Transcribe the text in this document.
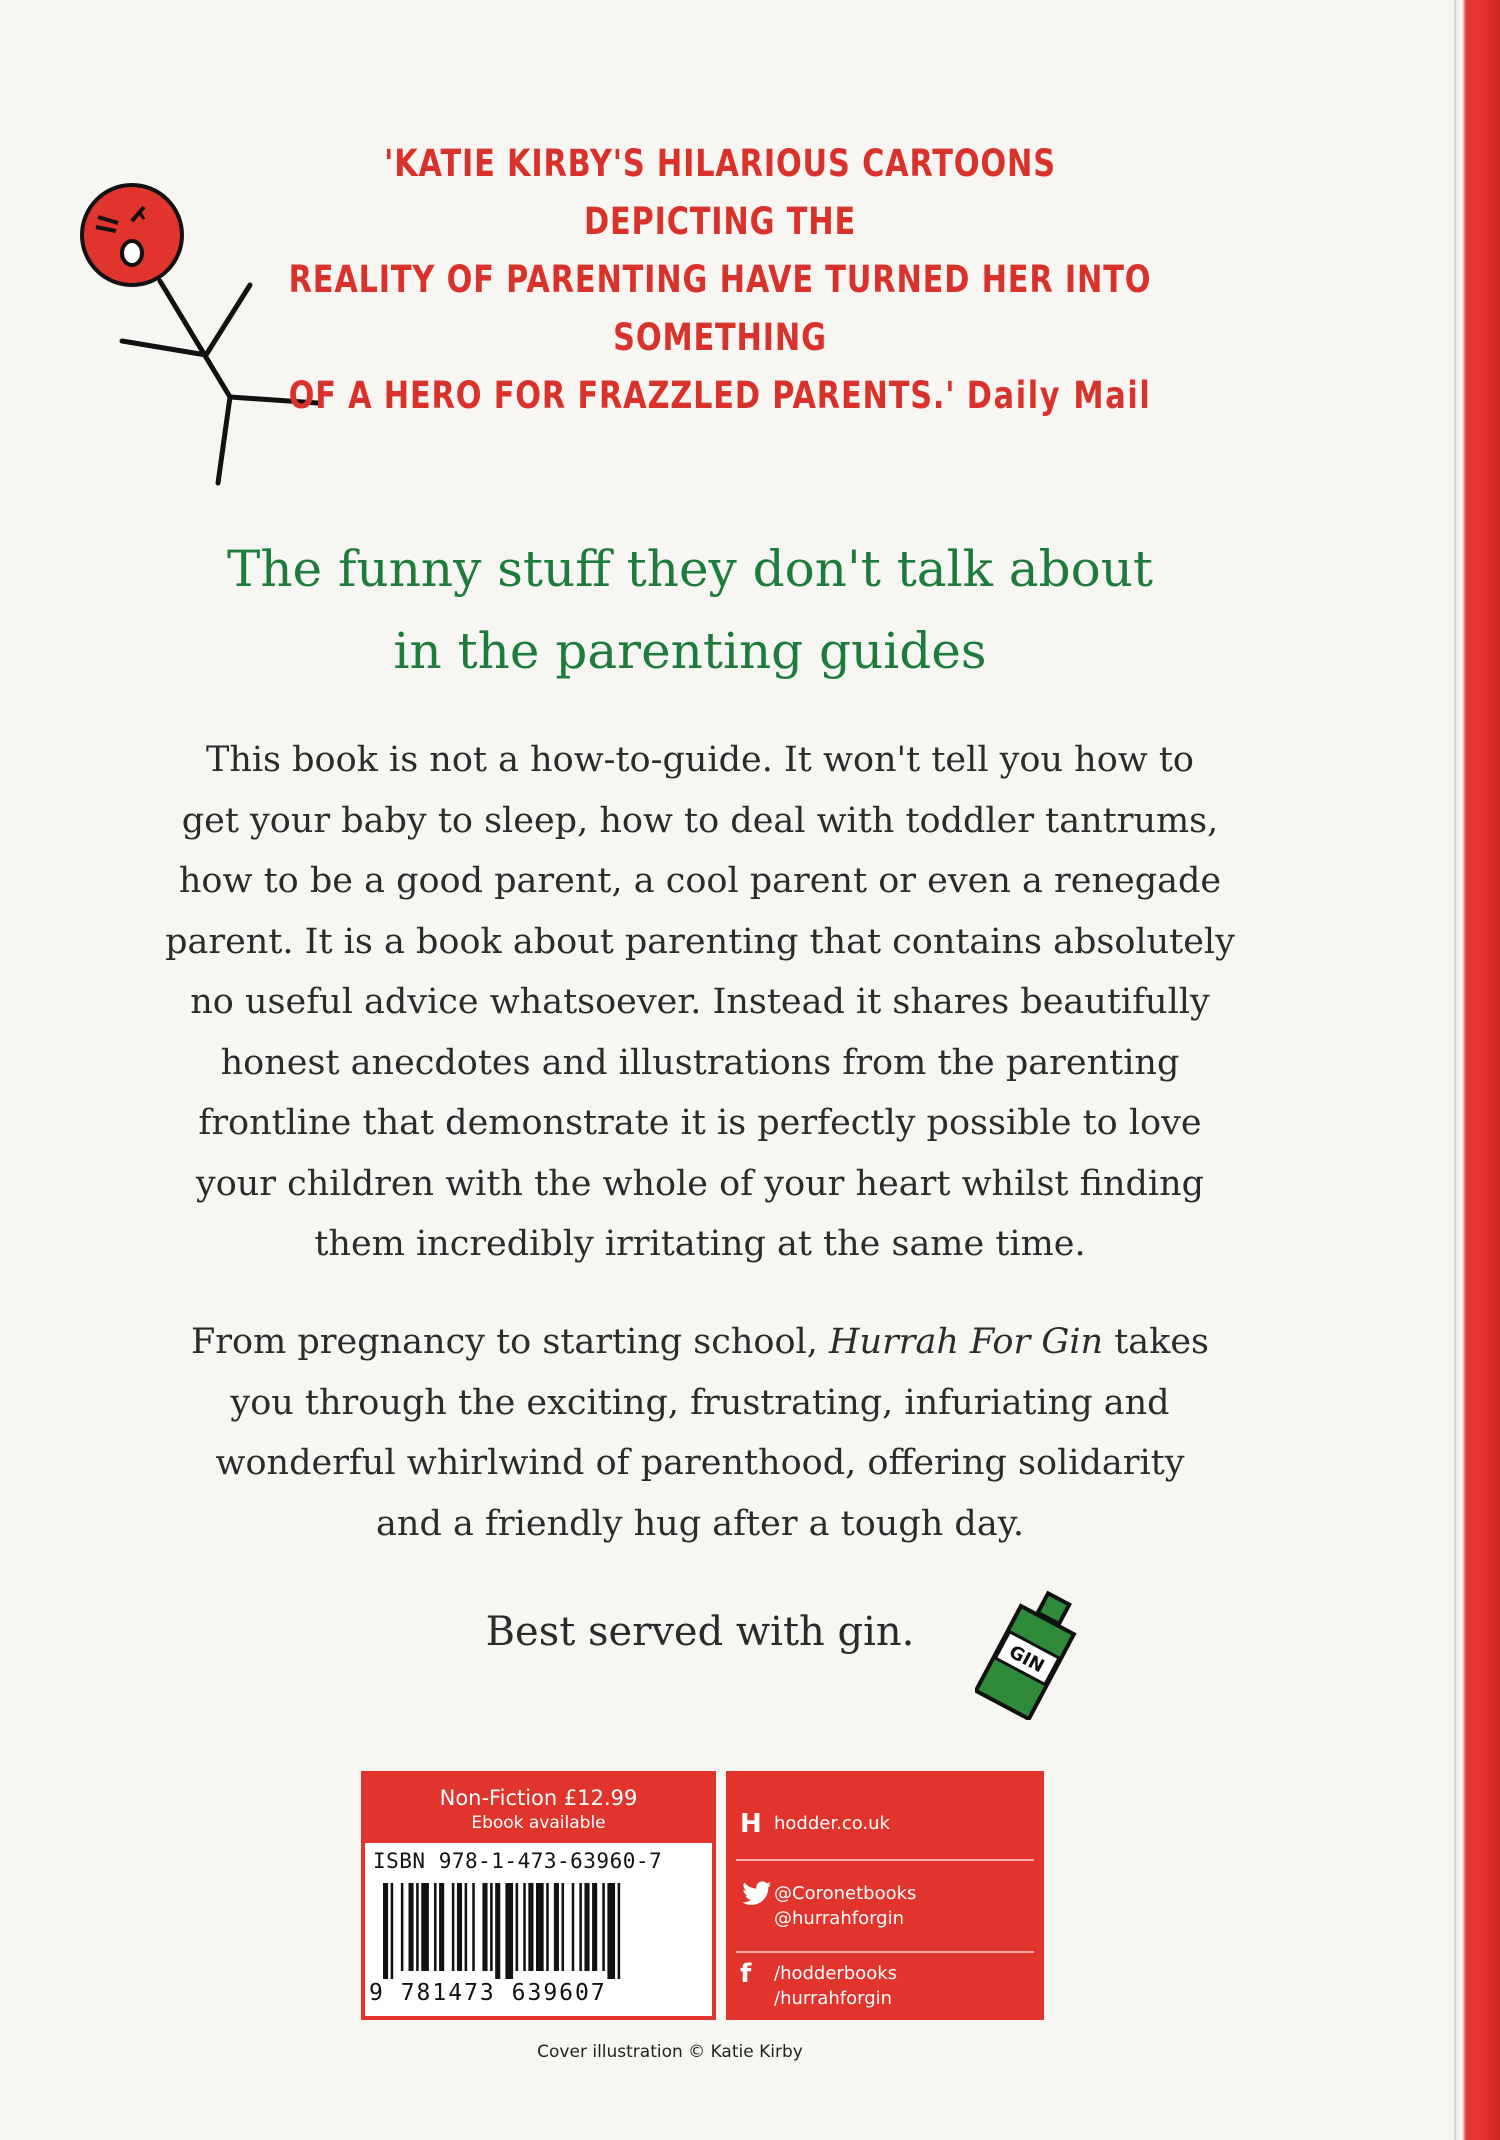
'KATIE KIRBY'S HILARIOUS CARTOONS DEPICTING THE
REALITY OF PARENTING HAVE TURNED HER INTO SOMETHING
OF A HERO FOR FRAZZLED PARENTS.' Daily Mail
The funny stuff they don't talk about
in the parenting guides
This book is not a how-to-guide. It won't tell you how to
get your baby to sleep, how to deal with toddler tantrums,
how to be a good parent, a cool parent or even a renegade
parent. It is a book about parenting that contains absolutely
no useful advice whatsoever. Instead it shares beautifully
honest anecdotes and illustrations from the parenting
frontline that demonstrate it is perfectly possible to love
your children with the whole of your heart whilst finding
them incredibly irritating at the same time.
From pregnancy to starting school, Hurrah For Gin takes
you through the exciting, frustrating, infuriating and
wonderful whirlwind of parenthood, offering solidarity
and a friendly hug after a tough day.
Best served with gin.
GIN
Non-Fiction £12.99
Ebook available
ISBN 978-1-473-63960-7
9 781473 639607
H hodder.co.uk
@Coronetbooks
@hurrahforgin
f	/hodderbooks
/hurrahforgin
Cover illustration © Katie Kirby
